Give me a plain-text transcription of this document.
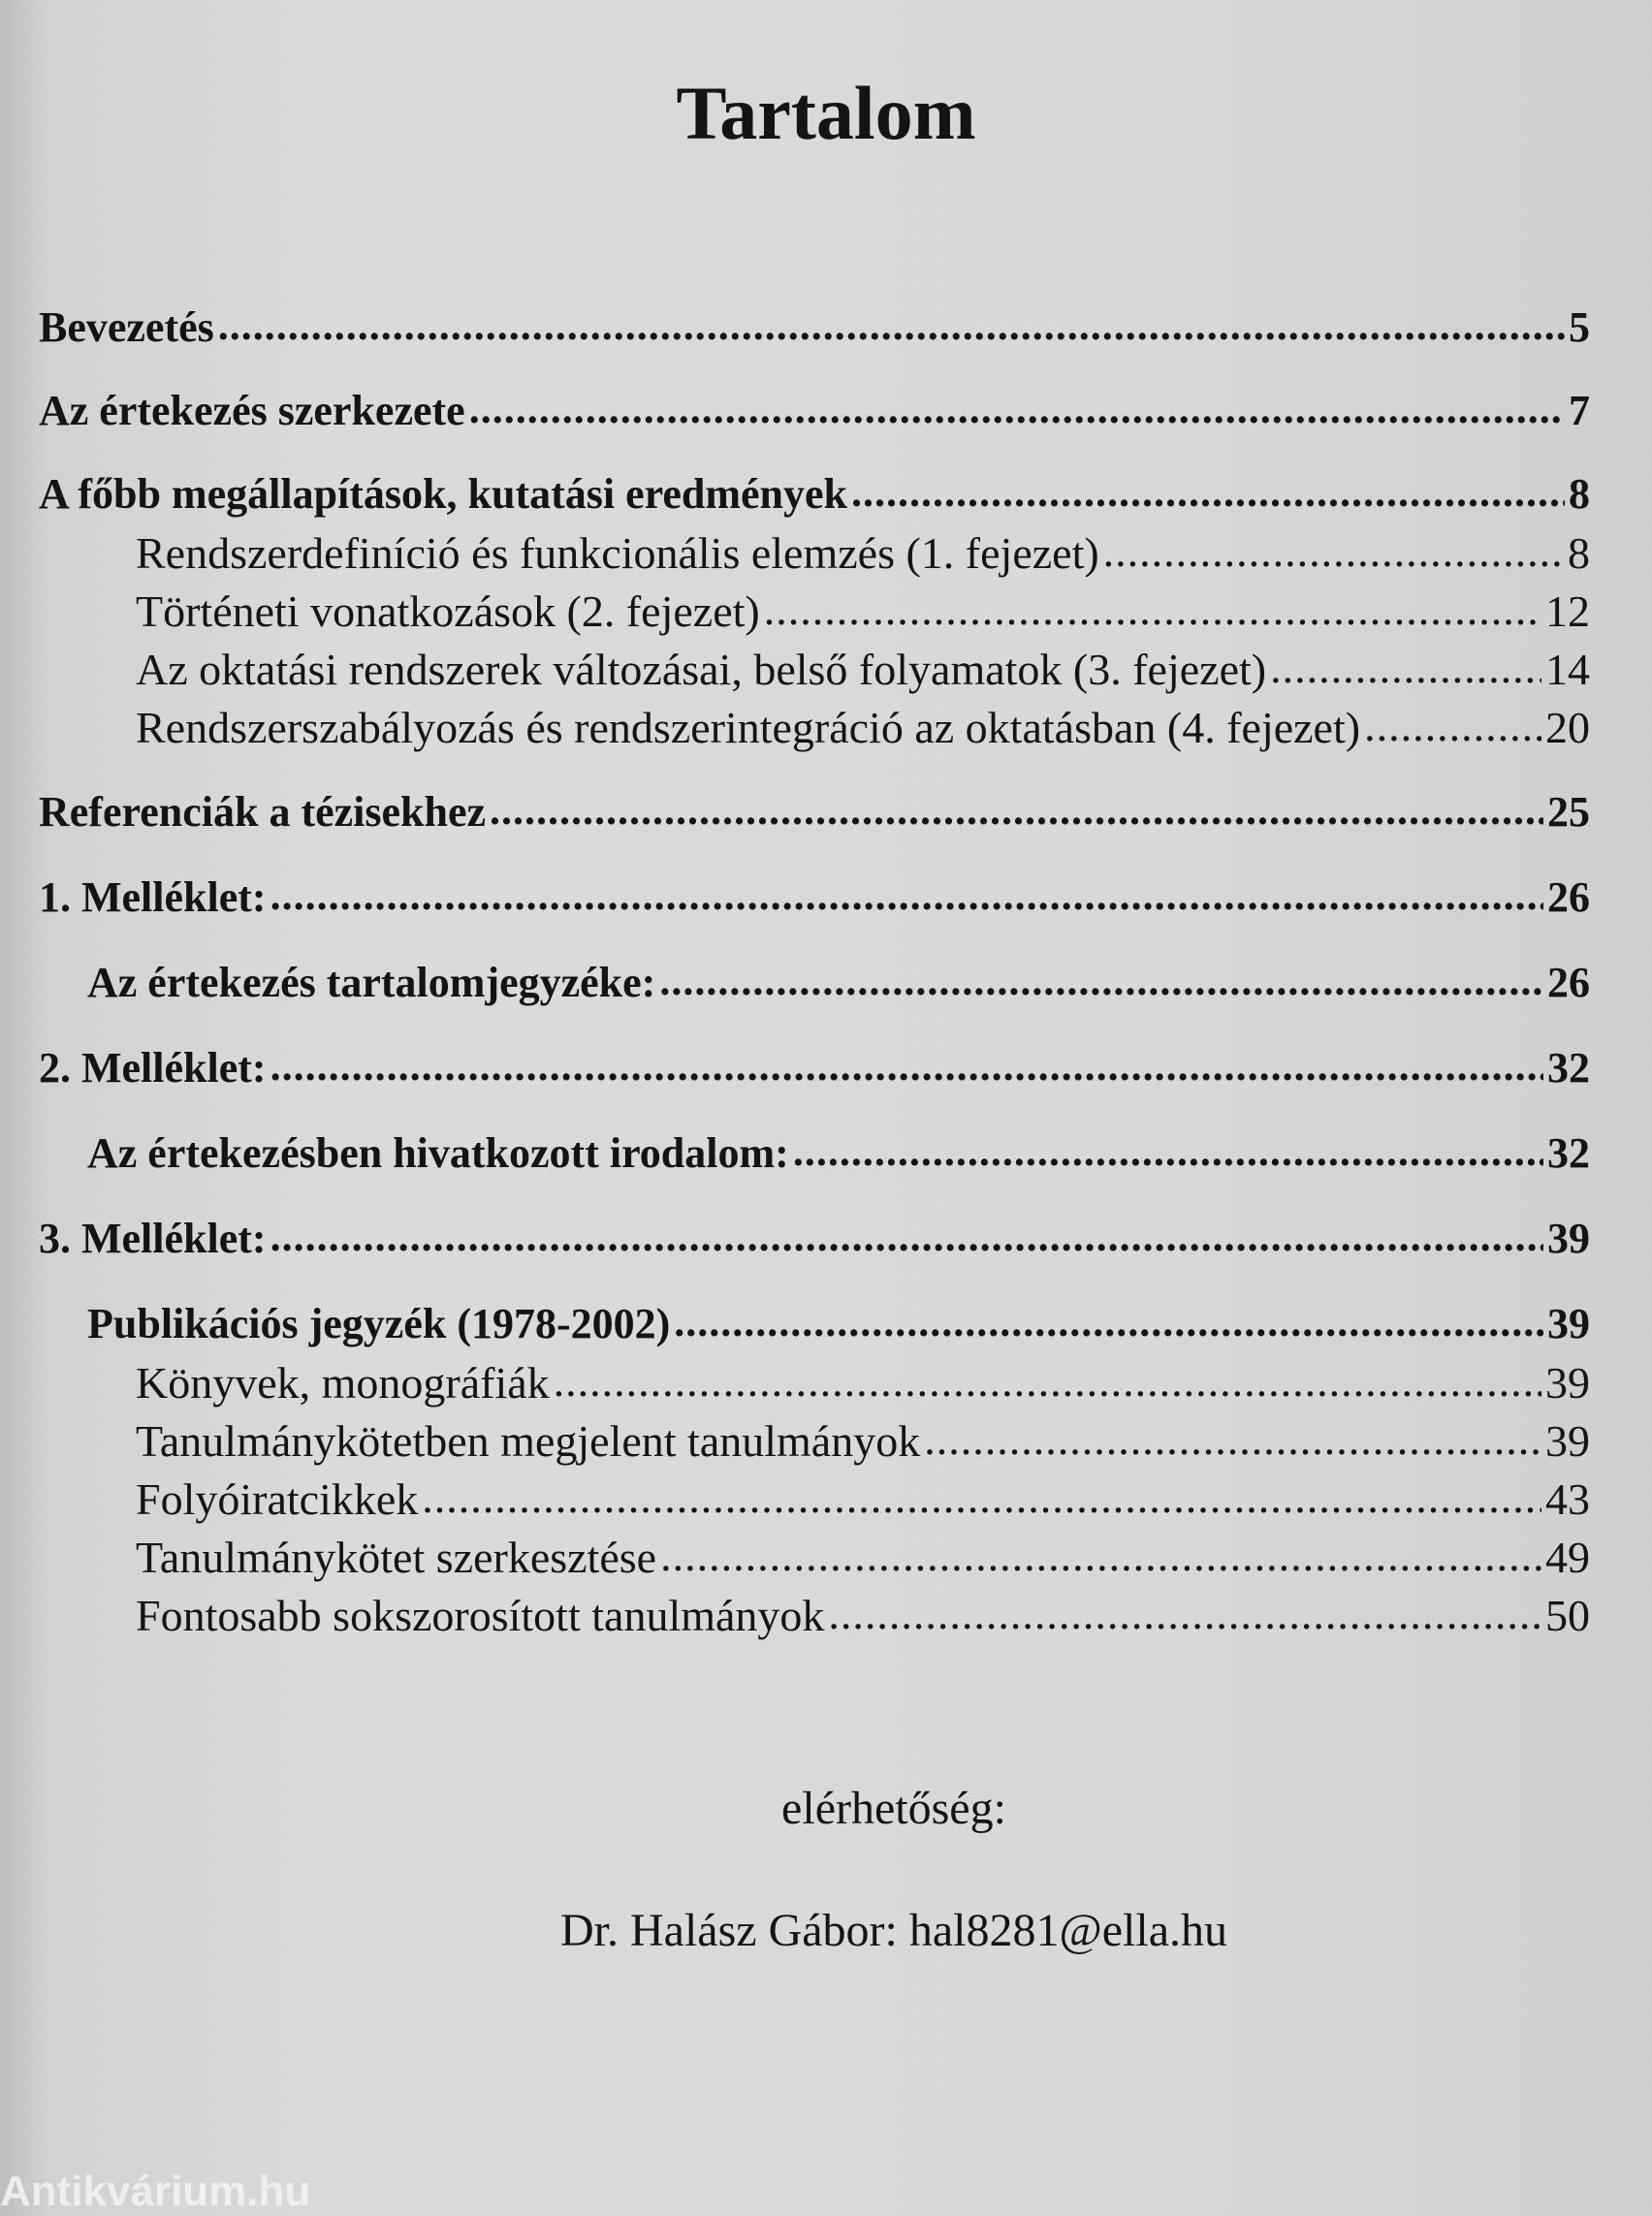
Tartalom
Bevezetés .....	5
Az értekezés szerkezete .....	7
A főbb megállapítások, kutatási eredmények .....	8
Rendszerdefiníció és funkcionális elemzés (1. fejezet) .....	8
Történeti vonatkozások (2. fejezet) .....	12
Az oktatási rendszerek változásai, belső folyamatok (3. fejezet) .....	14
Rendszerszabályozás és rendszerintegráció az oktatásban (4. fejezet) .....	20
Referenciák a tézisekhez .....	25
1. Melléklet: .....	26
Az értekezés tartalomjegyzéke: .....	26
2. Melléklet: .....	32
Az értekezésben hivatkozott irodalom: .....	32
3. Melléklet: .....	39
Publikációs jegyzék (1978-2002) .....	39
Könyvek, monográfiák .....	39
Tanulmánykötetben megjelent tanulmányok .....	39
Folyóiratcikkek .....	43
Tanulmánykötet szerkesztése .....	49
Fontosabb sokszorosított tanulmányok .....	50
elérhetőség:
Dr. Halász Gábor: hal8281@ella.hu
Antikvárium.hu
